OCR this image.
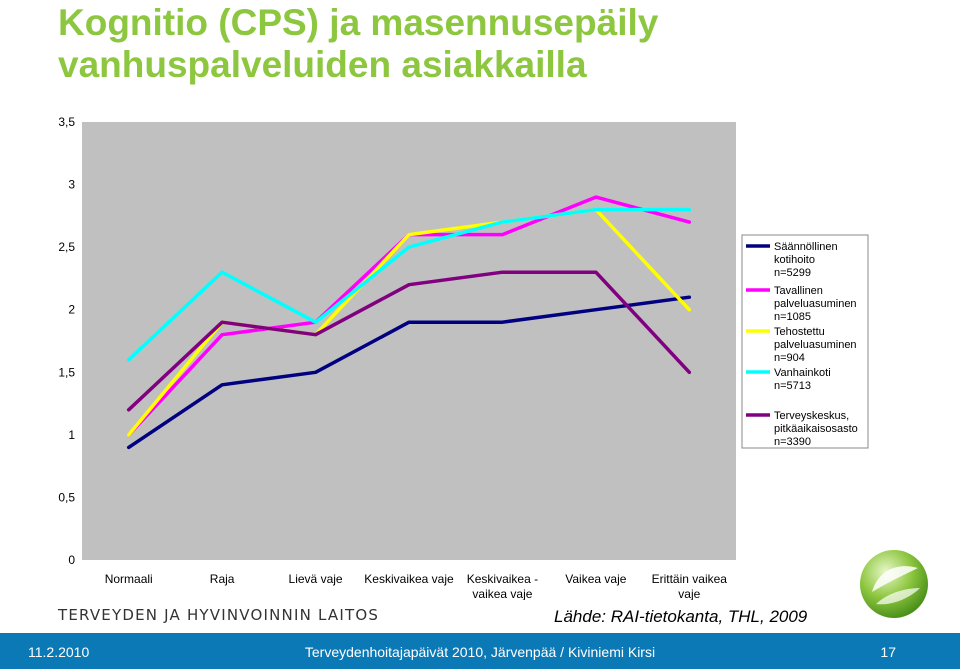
Kognitio (CPS) ja masennusepäily vanhuspalveluiden asiakkailla
0
0,5
1
1,5
2
2,5
3
3,5
Normaali	Raja	Lievä vaje Keskivaikea vaje Keskivaikea -vaikea vaje
Vaikea vaje Erittäin vaikea vaje
Säännöllinen kotihoito n=5299
Tavallinen palveluasuminen n=1085
Tehostettu palveluasuminen n=904
Vanhainkoti n=5713
Terveyskeskus, pitkäaikaisosasto n=3390
TERVEYDEN JA HYVINVOINNIN LAITOS	Lähde: RAI-tietokanta, THL, 2009
11.2.2010	Terveydenhoitajapäivät 2010, Järvenpää / Kiviniemi Kirsi	17
